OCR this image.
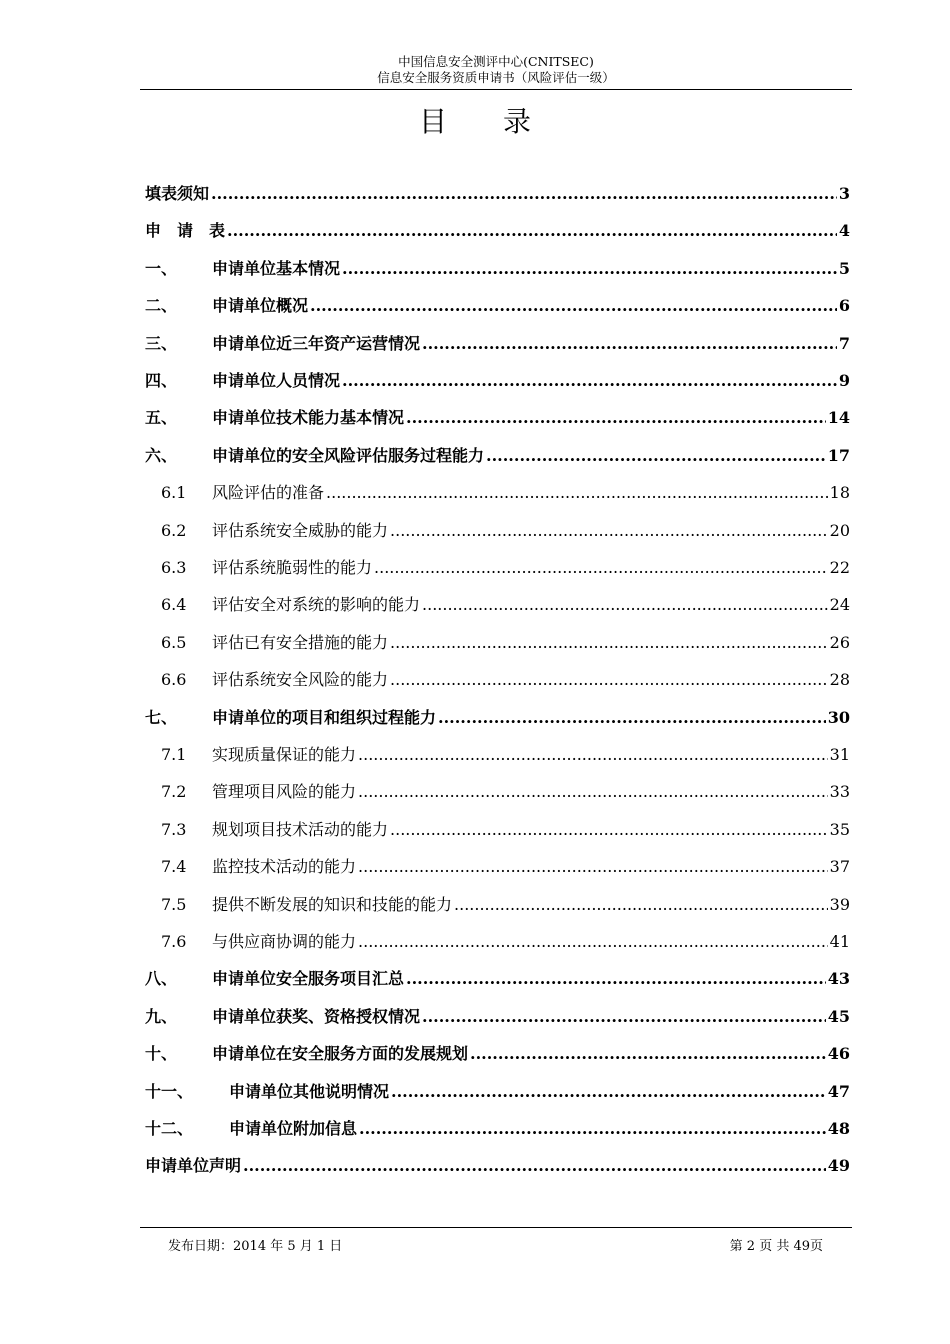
中国信息安全测评中心(CNITSEC)
信息安全服务资质申请书（风险评估一级）
目录
填表须知 .....	3
申　请　表 .....	4
一、	申请单位基本情况 .....	5
二、	申请单位概况 .....	6
三、	申请单位近三年资产运营情况 .....	7
四、	申请单位人员情况 .....	9
五、	申请单位技术能力基本情况 .....	14
六、	申请单位的安全风险评估服务过程能力 .....	17
6.1	风险评估的准备 .....	18
6.2	评估系统安全威胁的能力 .....	20
6.3	评估系统脆弱性的能力 .....	22
6.4	评估安全对系统的影响的能力 .....	24
6.5	评估已有安全措施的能力 .....	26
6.6	评估系统安全风险的能力 .....	28
七、	申请单位的项目和组织过程能力 .....	30
7.1	实现质量保证的能力 .....	31
7.2	管理项目风险的能力 .....	33
7.3	规划项目技术活动的能力 .....	35
7.4	监控技术活动的能力 .....	37
7.5	提供不断发展的知识和技能的能力 .....	39
7.6	与供应商协调的能力 .....	41
八、	申请单位安全服务项目汇总 .....	43
九、	申请单位获奖、资格授权情况 .....	45
十、	申请单位在安全服务方面的发展规划 .....	46
十一、	申请单位其他说明情况 .....	47
十二、	申请单位附加信息 .....	48
申请单位声明 .....	49
发布日期：2014 年 5 月 1 日	第 2 页 共 49页
